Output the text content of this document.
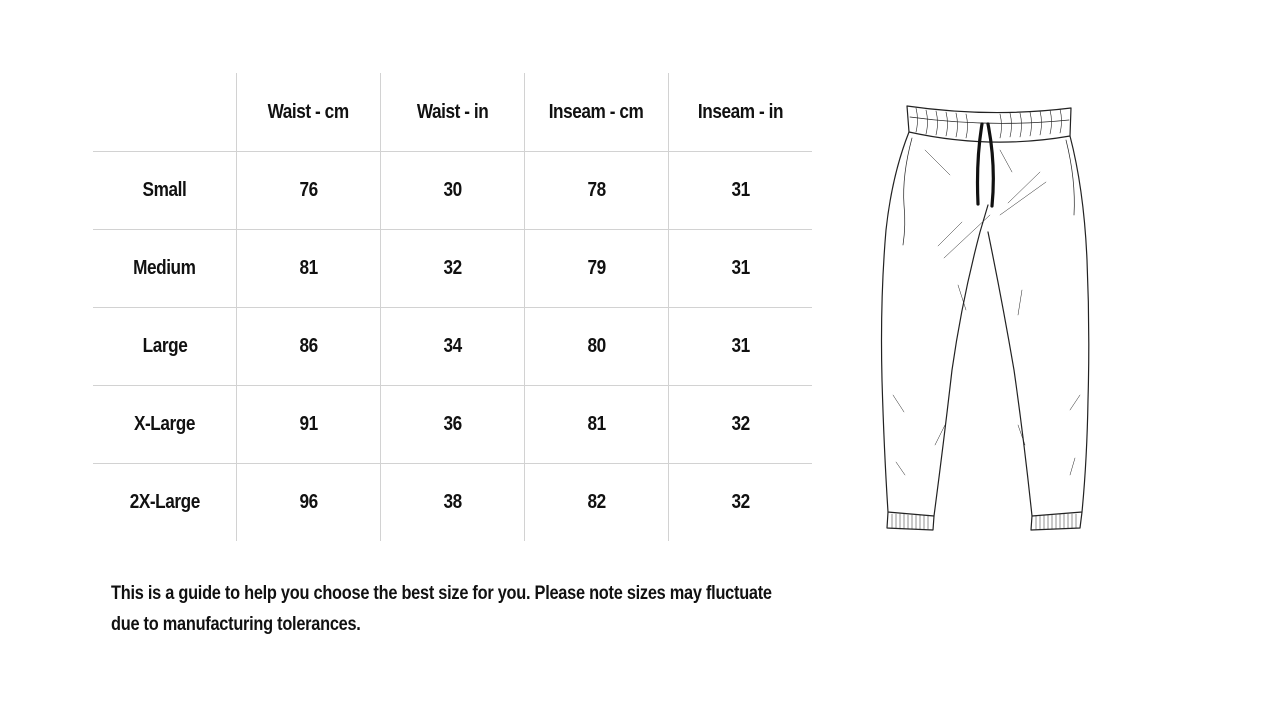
	Waist - cm	Waist - in	Inseam - cm	Inseam - in
Small	76	30	78	31
Medium	81	32	79	31
Large	86	34	80	31
X-Large	91	36	81	32
2X-Large	96	38	82	32

This is a guide to help you choose the best size for you. Please note sizes may fluctuate
due to manufacturing tolerances.
